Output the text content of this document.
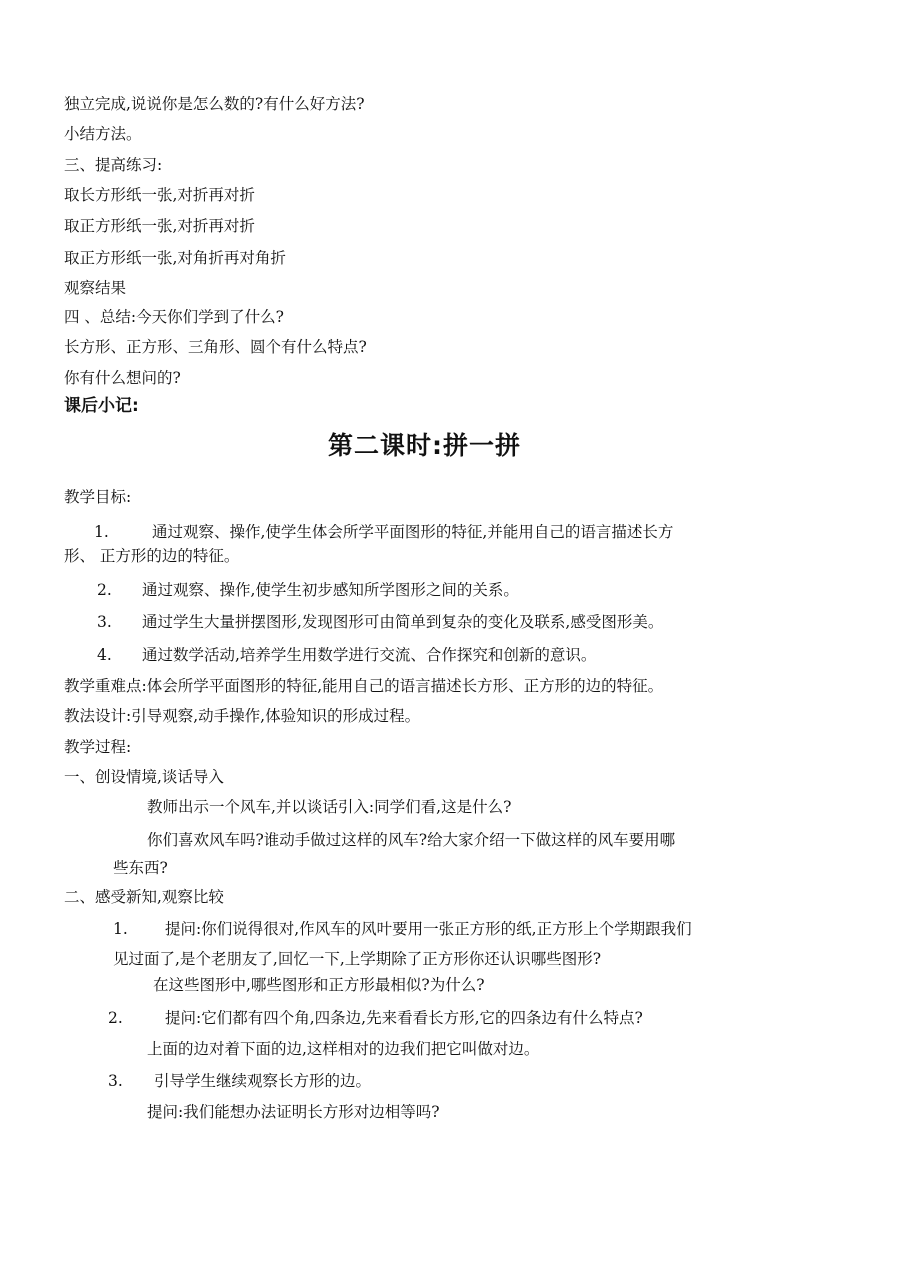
独立完成,说说你是怎么数的?有什么好方法?
小结方法。
三、提高练习:
取长方形纸一张,对折再对折
取正方形纸一张,对折再对折
取正方形纸一张,对角折再对角折
观察结果
四 、总结:今天你们学到了什么?
长方形、正方形、三角形、圆个有什么特点?
你有什么想问的?
课后小记:
第二课时:拼一拼
教学目标:
1.	通过观察、操作,使学生体会所学平面图形的特征,并能用自己的语言描述长方
形、 正方形的边的特征。
2. 通过观察、操作,使学生初步感知所学图形之间的关系。
3. 通过学生大量拼摆图形,发现图形可由简单到复杂的变化及联系,感受图形美。
4. 通过数学活动,培养学生用数学进行交流、合作探究和创新的意识。
教学重难点:体会所学平面图形的特征,能用自己的语言描述长方形、正方形的边的特征。
教法设计:引导观察,动手操作,体验知识的形成过程。
教学过程:
一、创设情境,谈话导入
教师出示一个风车,并以谈话引入:同学们看,这是什么?
你们喜欢风车吗?谁动手做过这样的风车?给大家介绍一下做这样的风车要用哪
些东西?
二、感受新知,观察比较
1. 提问:你们说得很对,作风车的风叶要用一张正方形的纸,正方形上个学期跟我们
见过面了,是个老朋友了,回忆一下,上学期除了正方形你还认识哪些图形?
在这些图形中,哪些图形和正方形最相似?为什么?
2.	提问:它们都有四个角,四条边,先来看看长方形,它的四条边有什么特点?
上面的边对着下面的边,这样相对的边我们把它叫做对边。
3. 引导学生继续观察长方形的边。
提问:我们能想办法证明长方形对边相等吗?
